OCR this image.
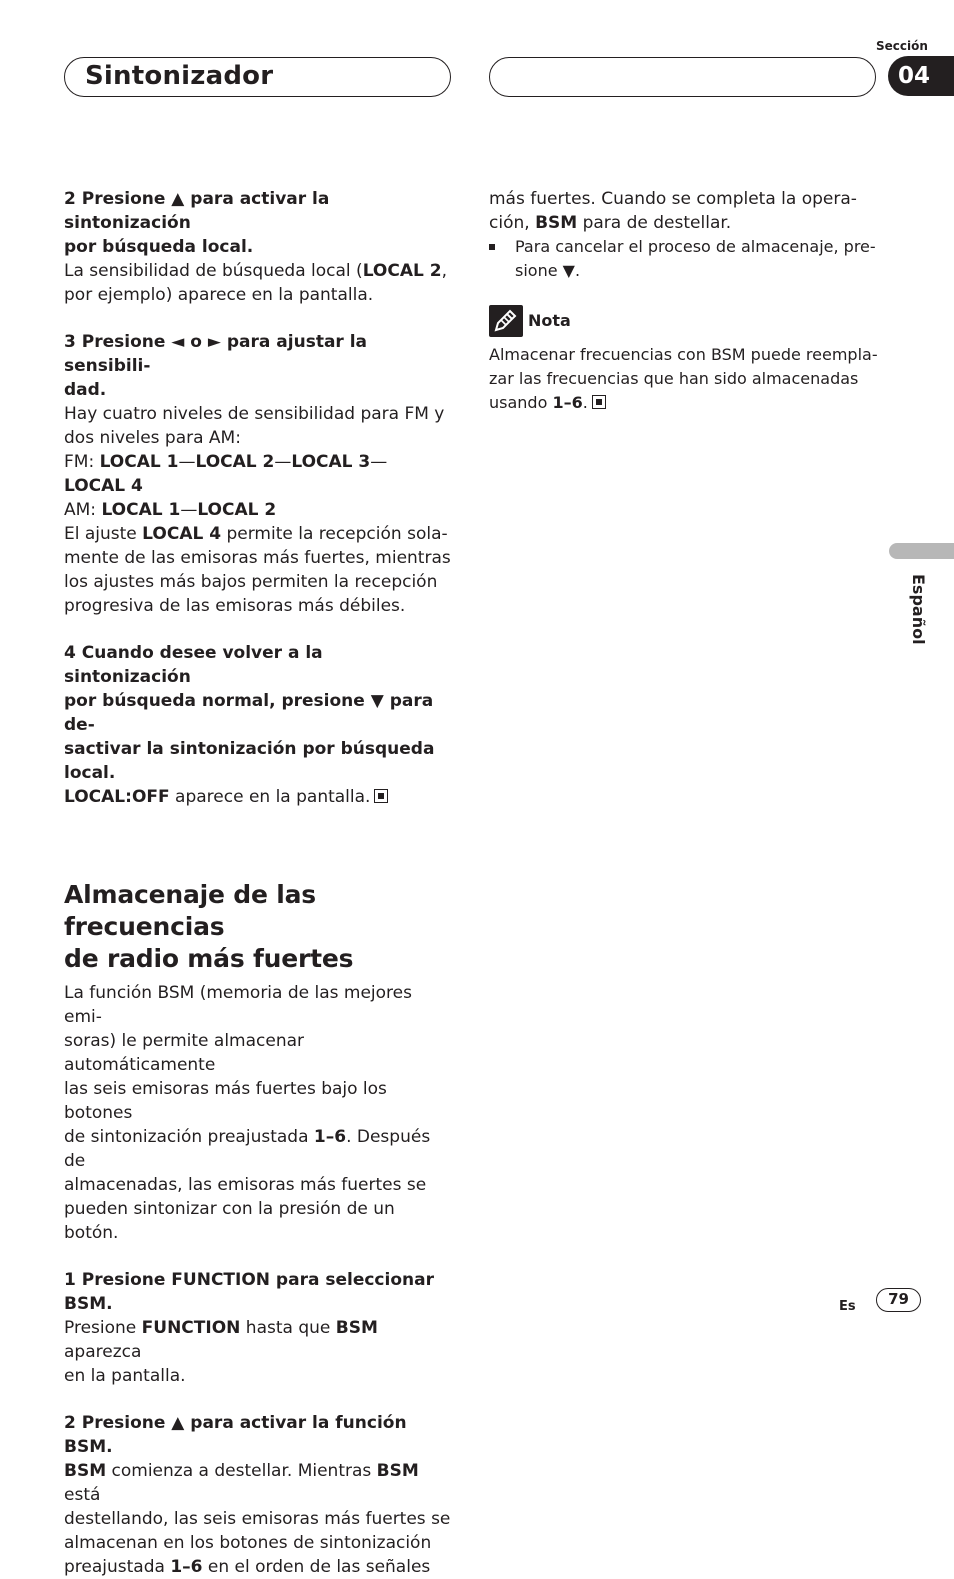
Sección
Sintonizador	04
2 Presione ▲ para activar la sintonización
por búsqueda local.
La sensibilidad de búsqueda local (LOCAL 2,
por ejemplo) aparece en la pantalla.
3 Presione ◄ o ► para ajustar la sensibili-
dad.
Hay cuatro niveles de sensibilidad para FM y
dos niveles para AM:
FM: LOCAL 1—LOCAL 2—LOCAL 3—
LOCAL 4
AM: LOCAL 1—LOCAL 2
El ajuste LOCAL 4 permite la recepción sola-
mente de las emisoras más fuertes, mientras
los ajustes más bajos permiten la recepción
progresiva de las emisoras más débiles.
4 Cuando desee volver a la sintonización
por búsqueda normal, presione ▼ para de-
sactivar la sintonización por búsqueda
local.
LOCAL:OFF aparece en la pantalla.
Almacenaje de las frecuencias
de radio más fuertes
La función BSM (memoria de las mejores emi-
soras) le permite almacenar automáticamente
las seis emisoras más fuertes bajo los botones
de sintonización preajustada 1–6. Después de
almacenadas, las emisoras más fuertes se
pueden sintonizar con la presión de un botón.
1 Presione FUNCTION para seleccionar
BSM.
Presione FUNCTION hasta que BSM aparezca
en la pantalla.
2 Presione ▲ para activar la función BSM.
BSM comienza a destellar. Mientras BSM está
destellando, las seis emisoras más fuertes se
almacenan en los botones de sintonización
preajustada 1–6 en el orden de las señales
más fuertes. Cuando se completa la opera-
ción, BSM para de destellar.
Para cancelar el proceso de almacenaje, pre-
sione ▼.
Nota
Almacenar frecuencias con BSM puede reempla-
zar las frecuencias que han sido almacenadas
usando 1–6.
Español
Es	79
